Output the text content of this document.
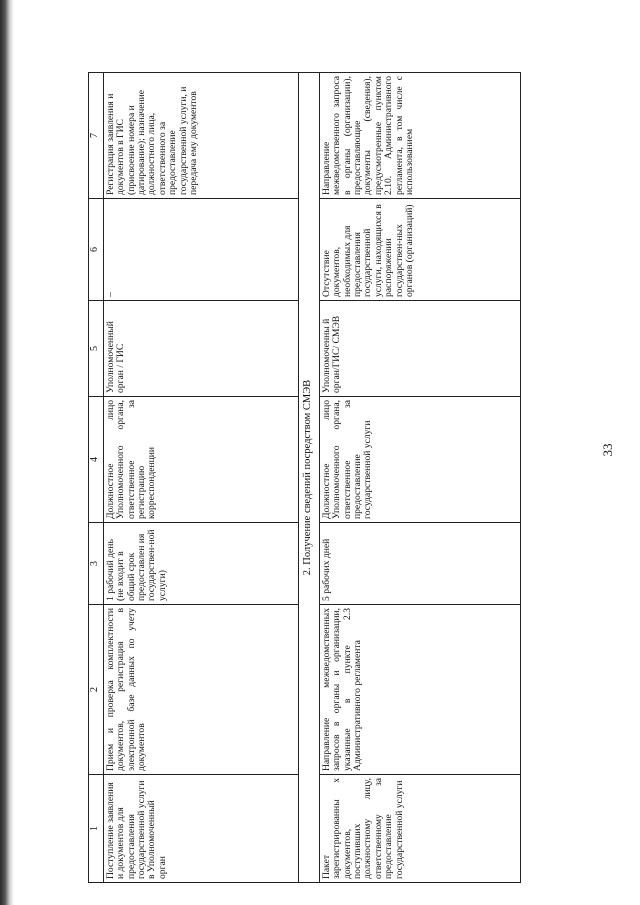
33
1	2	3	4	5	6	7
Поступление заявления и документов для предоставления государственной услуги в Уполномоченный орган	Прием и проверка комплектности документов, регистрация в электронной базе данных по учету документов	1 рабочий день (не входит в общий срок предоставлен ия государствен-ной услуги)	Должностное лицо Уполномоченного органа, ответственное за регистрацию корреспонденции	Уполномоченный орган / ГИС	–	Регистрация заявления и документов в ГИС (присвоение номера и датирование); назначение должностного лица, ответственного за предоставление государственной услуги, и передача ему документов
2. Получение сведений посредством СМЭВ						
Пакет зарегистрированны х документов, поступивших должностному лицу, ответственному за предоставление государственной услуги	Направление межведомственных запросов в органы и организации, указанные в пункте 2.3 Административного регламента	5 рабочих дней	Должностное лицо Уполномоченного органа, ответственное за предоставление государственной услуги	Уполномоченны й орган/ГИС/ СМЭВ	Отсутствие документов, необходимых для предоставления государственной услуги, находящихся в распоряжении государствен-ных органов (организаций)	Направление межведомственного запроса в органы (организации), предоставляющие документы (сведения), предусмотренные пунктом 2.10. Административного регламента, в том числе с использованием
